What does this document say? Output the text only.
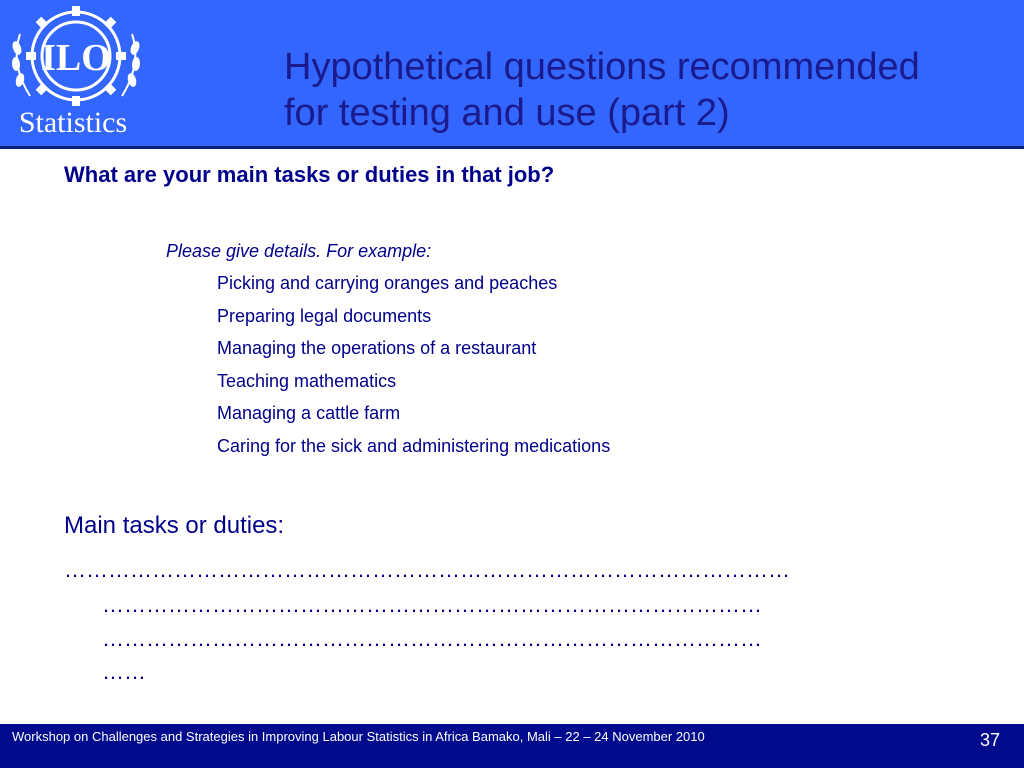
ILO
Statistics
Hypothetical questions recommended
for testing and use (part 2)
What are your main tasks or duties in that job?
Please give details. For example:
Picking and carrying oranges and peaches
Preparing legal documents
Managing the operations of a restaurant
Teaching mathematics
Managing a cattle farm
Caring for the sick and administering medications
Main tasks or duties:
………………………………………………………………………………………
………………………………………………………………………………
………………………………………………………………………………
……
Workshop on Challenges and Strategies in Improving Labour Statistics in Africa Bamako, Mali – 22 – 24 November 2010	37
